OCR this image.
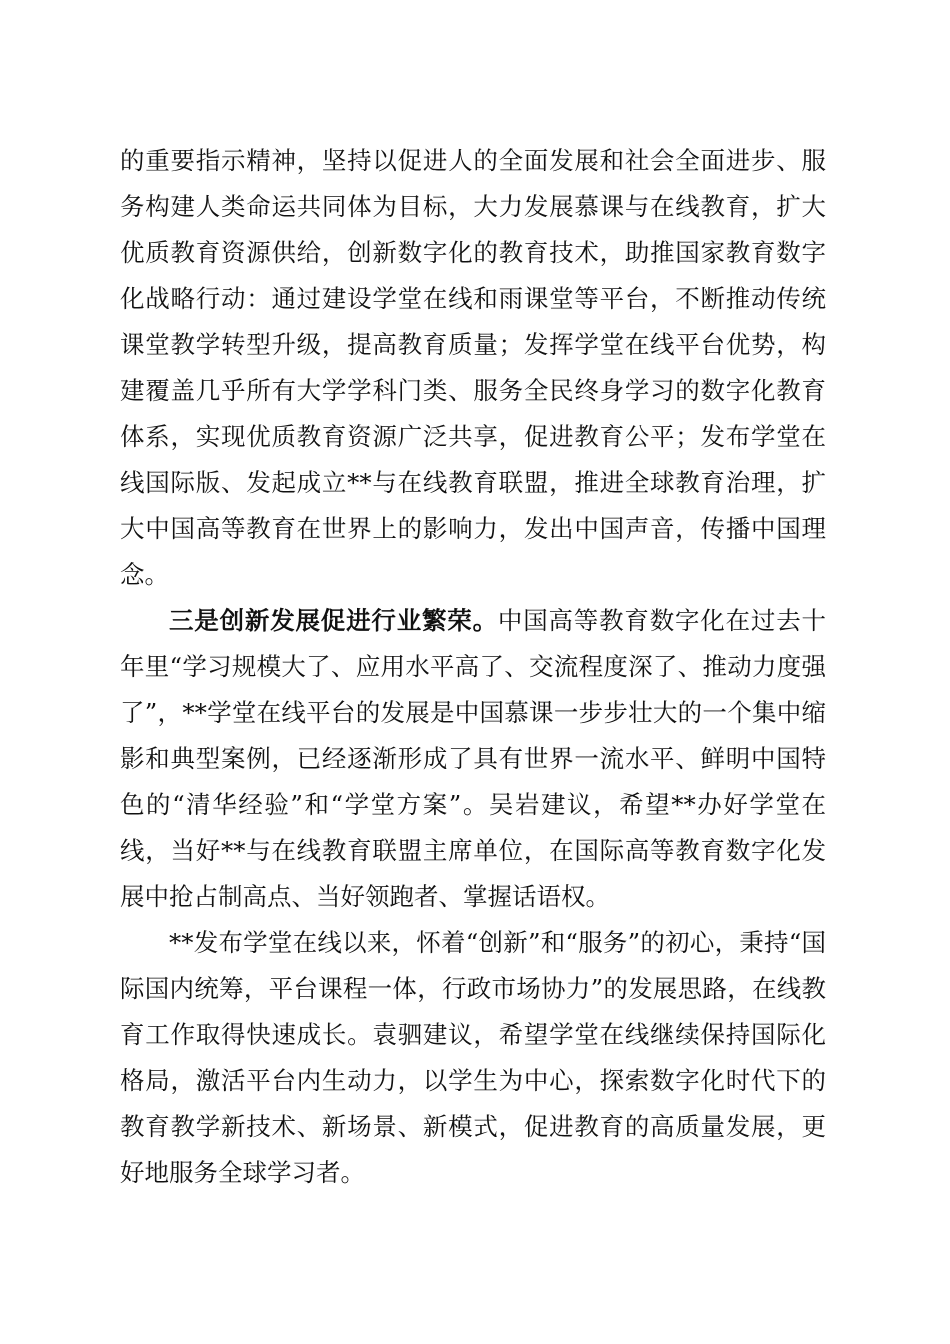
的重要指示精神，坚持以促进人的全面发展和社会全面进步、服务构建人类命运共同体为目标，大力发展慕课与在线教育，扩大优质教育资源供给，创新数字化的教育技术，助推国家教育数字化战略行动：通过建设学堂在线和雨课堂等平台，不断推动传统课堂教学转型升级，提高教育质量；发挥学堂在线平台优势，构建覆盖几乎所有大学学科门类、服务全民终身学习的数字化教育体系，实现优质教育资源广泛共享，促进教育公平；发布学堂在线国际版、发起成立**与在线教育联盟，推进全球教育治理，扩大中国高等教育在世界上的影响力，发出中国声音，传播中国理念。

三是创新发展促进行业繁荣。中国高等教育数字化在过去十年里“学习规模大了、应用水平高了、交流程度深了、推动力度强了”，**学堂在线平台的发展是中国慕课一步步壮大的一个集中缩影和典型案例，已经逐渐形成了具有世界一流水平、鲜明中国特色的“清华经验”和“学堂方案”。吴岩建议，希望**办好学堂在线，当好**与在线教育联盟主席单位，在国际高等教育数字化发展中抢占制高点、当好领跑者、掌握话语权。

**发布学堂在线以来，怀着“创新”和“服务”的初心，秉持“国际国内统筹，平台课程一体，行政市场协力”的发展思路，在线教育工作取得快速成长。袁驷建议，希望学堂在线继续保持国际化格局，激活平台内生动力，以学生为中心，探索数字化时代下的教育教学新技术、新场景、新模式，促进教育的高质量发展，更好地服务全球学习者。
